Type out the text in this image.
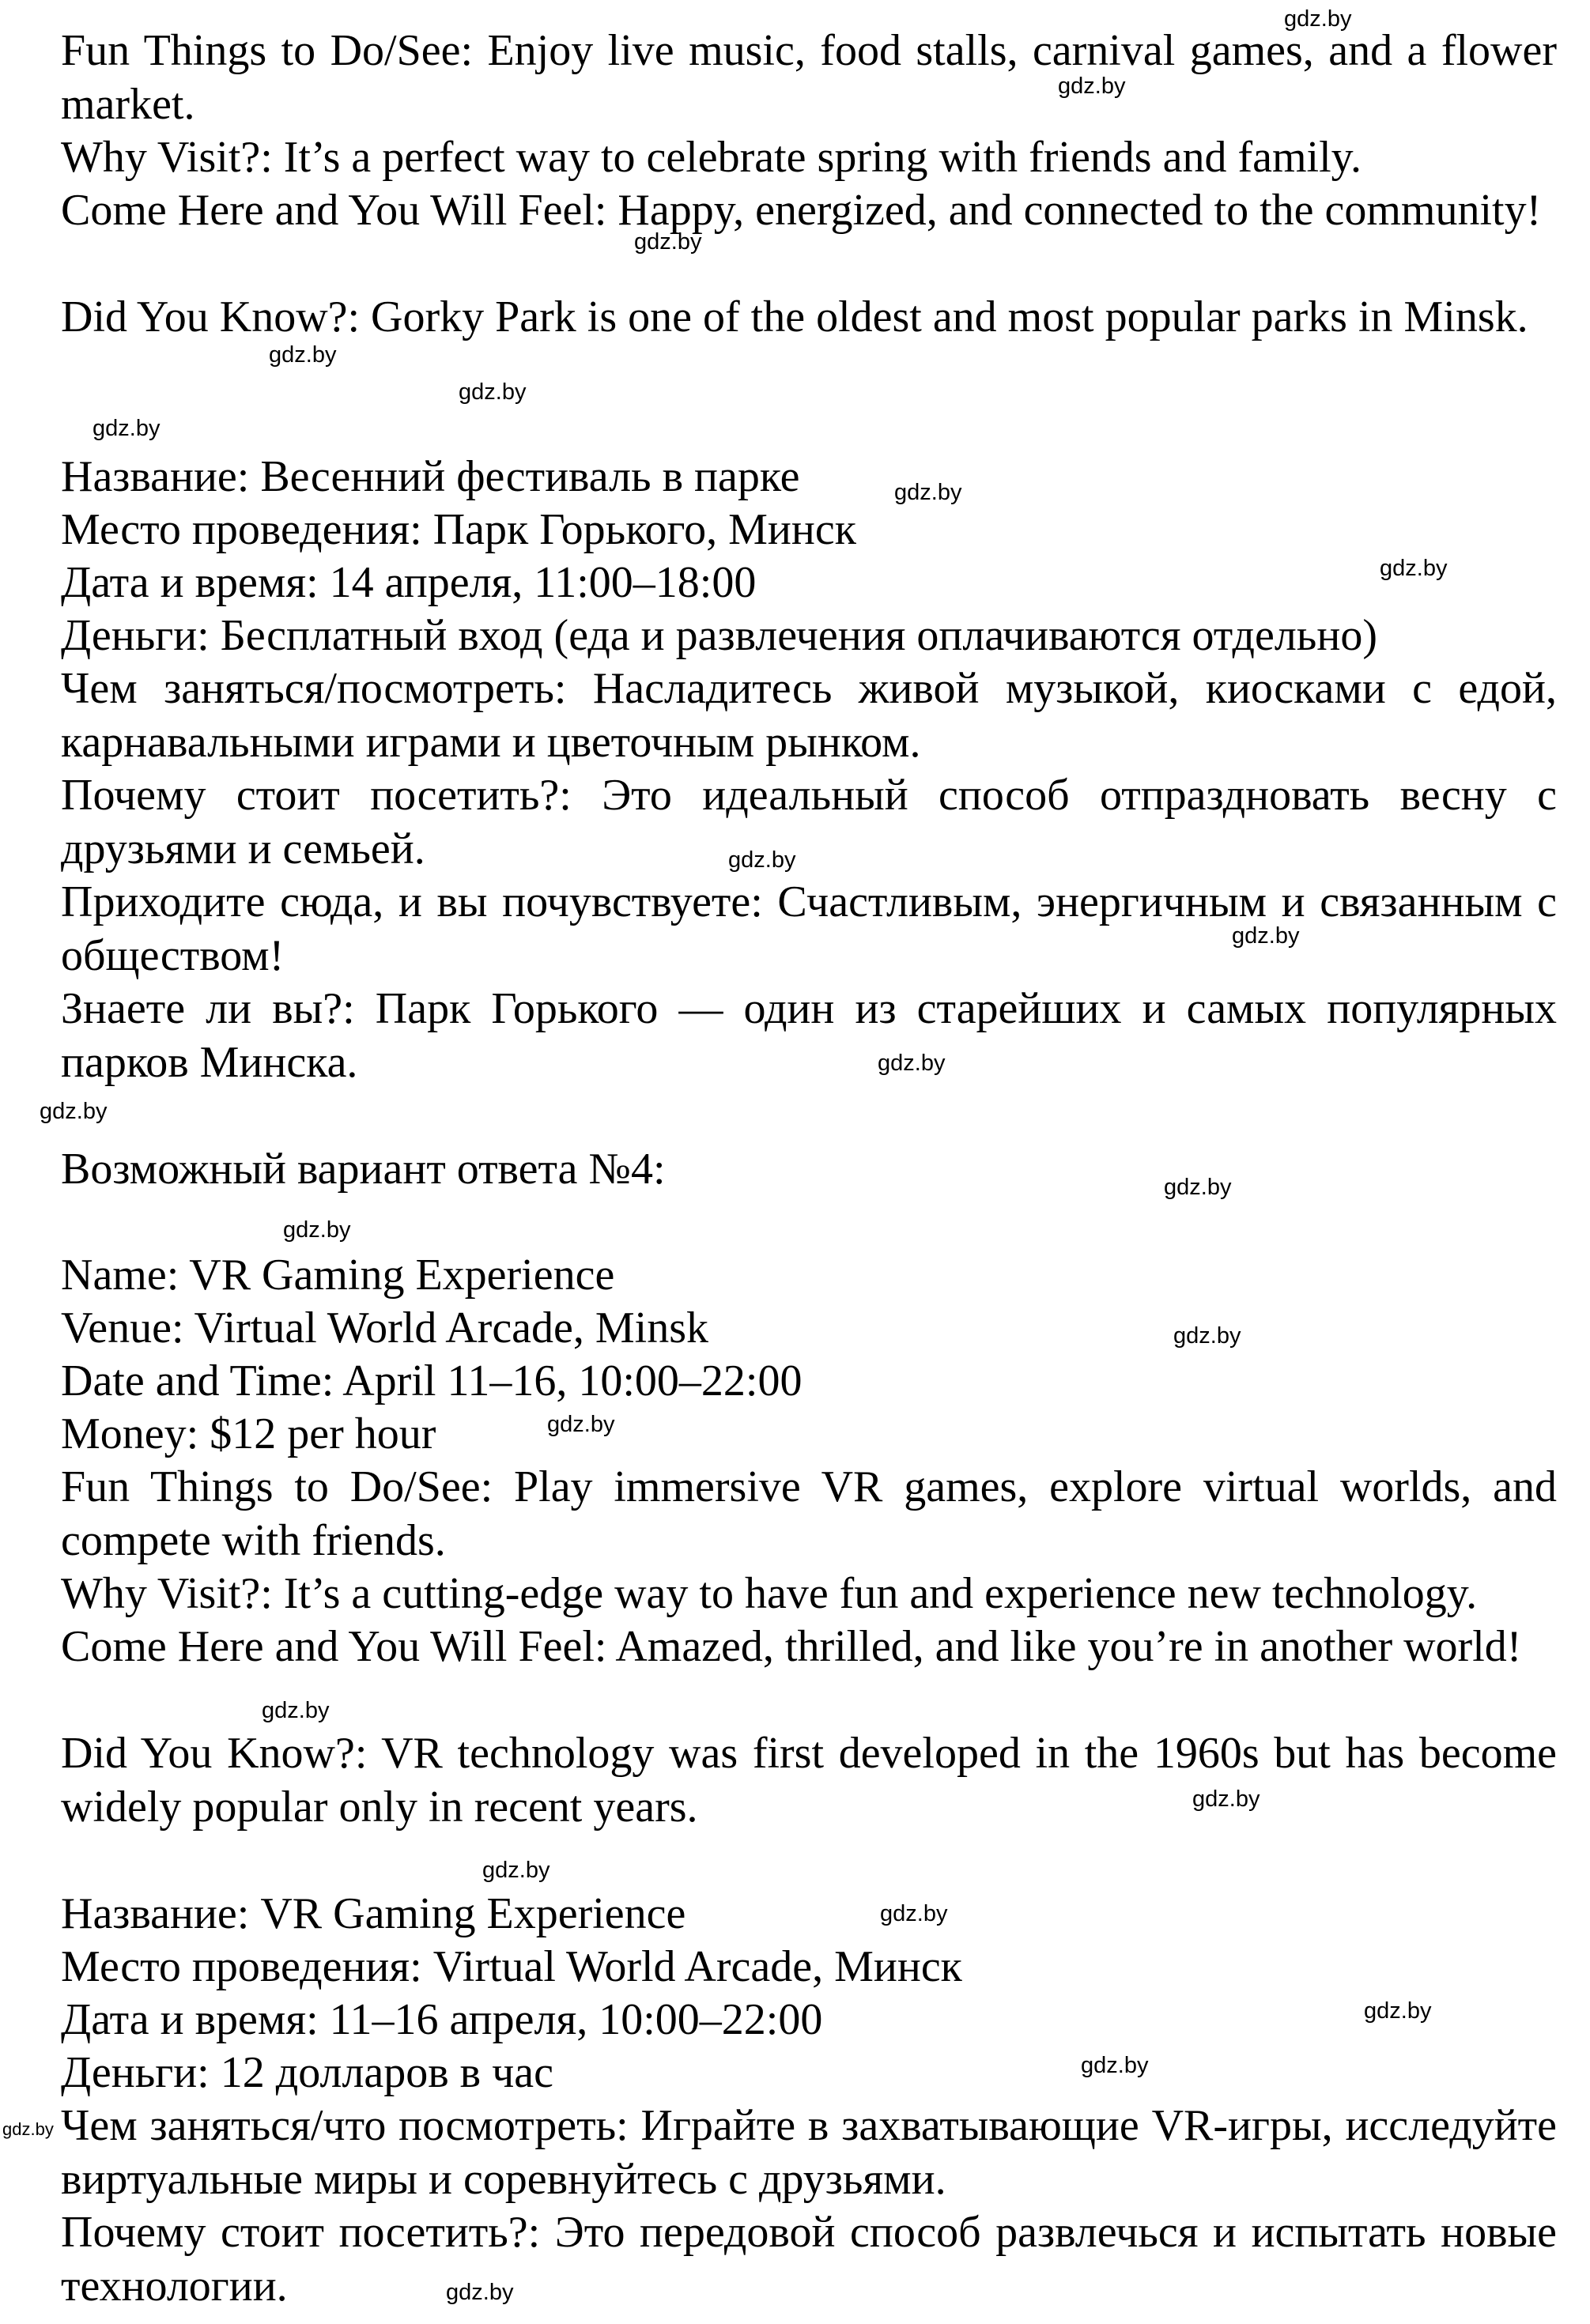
Fun Things to Do/See: Enjoy live music, food stalls, carnival games, and a flower market.

Why Visit?: It’s a perfect way to celebrate spring with friends and family.

Come Here and You Will Feel: Happy, energized, and connected to the community!

Did You Know?: Gorky Park is one of the oldest and most popular parks in Minsk.

Название: Весенний фестиваль в парке

Место проведения: Парк Горького, Минск

Дата и время: 14 апреля, 11:00–18:00

Деньги: Бесплатный вход (еда и развлечения оплачиваются отдельно)

Чем заняться/посмотреть: Насладитесь живой музыкой, киосками с едой, карнавальными играми и цветочным рынком.

Почему стоит посетить?: Это идеальный способ отпраздновать весну с друзьями и семьей.

Приходите сюда, и вы почувствуете: Счастливым, энергичным и связанным с обществом!

Знаете ли вы?: Парк Горького — один из старейших и самых популярных парков Минска.

Возможный вариант ответа №4:

Name: VR Gaming Experience

Venue: Virtual World Arcade, Minsk

Date and Time: April 11–16, 10:00–22:00

Money: $12 per hour

Fun Things to Do/See: Play immersive VR games, explore virtual worlds, and compete with friends.

Why Visit?: It’s a cutting-edge way to have fun and experience new technology.

Come Here and You Will Feel: Amazed, thrilled, and like you’re in another world!

Did You Know?: VR technology was first developed in the 1960s but has become widely popular only in recent years.

Название: VR Gaming Experience

Место проведения: Virtual World Arcade, Минск

Дата и время: 11–16 апреля, 10:00–22:00

Деньги: 12 долларов в час

Чем заняться/что посмотреть: Играйте в захватывающие VR-игры, исследуйте виртуальные миры и соревнуйтесь с друзьями.

Почему стоит посетить?: Это передовой способ развлечься и испытать новые технологии.

gdz.by
gdz.by
gdz.by
gdz.by
gdz.by
gdz.by
gdz.by
gdz.by
gdz.by
gdz.by
gdz.by
gdz.by
gdz.by
gdz.by
gdz.by
gdz.by
gdz.by
gdz.by
gdz.by
gdz.by
gdz.by
gdz.by
gdz.by
gdz.by
